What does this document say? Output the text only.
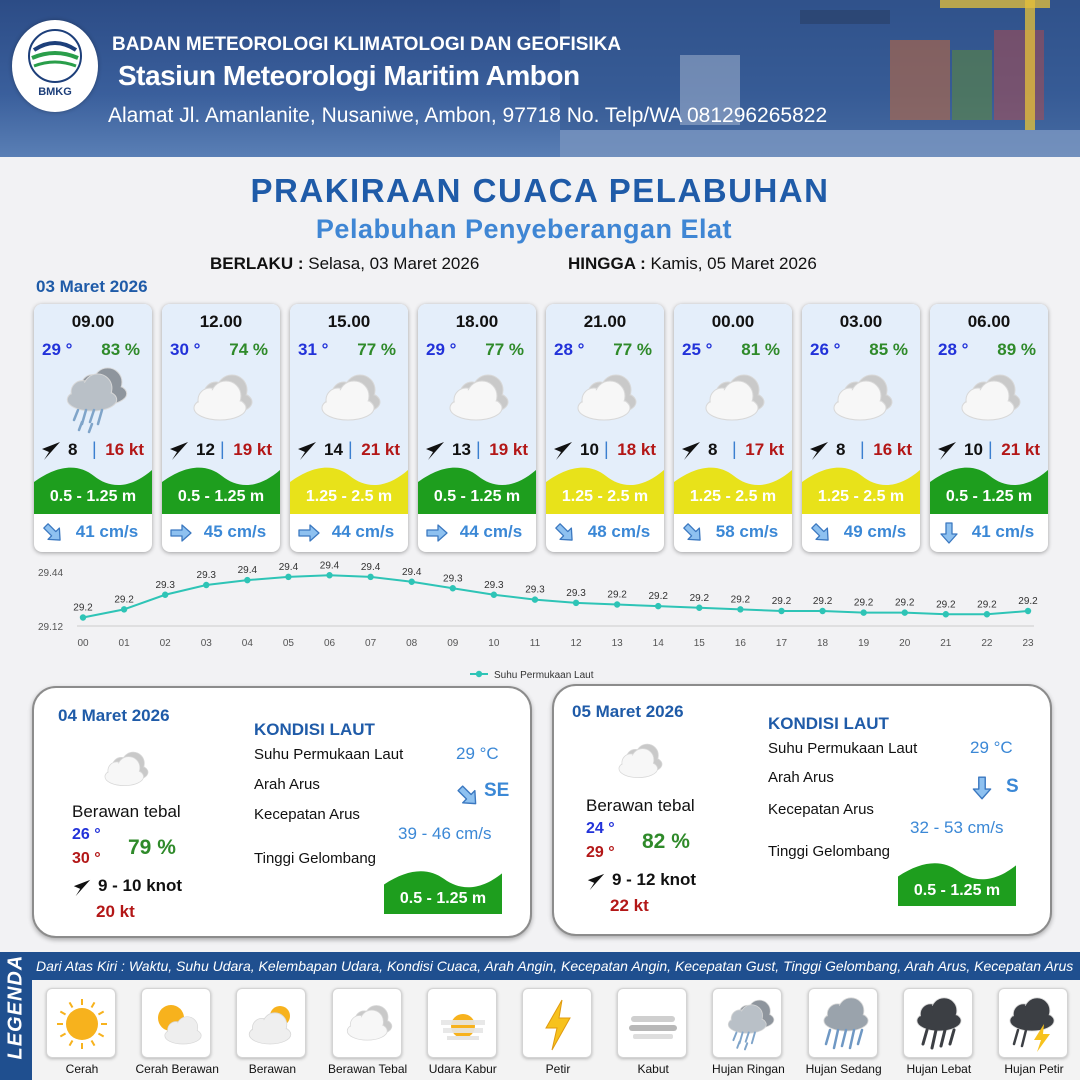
BMKG
BADAN METEOROLOGI KLIMATOLOGI DAN GEOFISIKA
Stasiun Meteorologi Maritim Ambon
Alamat Jl. Amanlanite, Nusaniwe, Ambon, 97718 No. Telp/WA 081296265822
PRAKIRAAN CUACA PELABUHAN
Pelabuhan Penyeberangan Elat
BERLAKU : Selasa, 03 Maret 2026	HINGGA : Kamis, 05 Maret 2026
03 Maret 2026
09.00
29 ° 83 %
8 | 16 kt
0.5 - 1.25 m
41 cm/s
12.00
30 ° 74 %
12 | 19 kt
0.5 - 1.25 m
45 cm/s
15.00
31 ° 77 %
14 | 21 kt
1.25 - 2.5 m
44 cm/s
18.00
29 ° 77 %
13 | 19 kt
0.5 - 1.25 m
44 cm/s
21.00
28 ° 77 %
10 | 18 kt
1.25 - 2.5 m
48 cm/s
00.00
25 ° 81 %
8 | 17 kt
1.25 - 2.5 m
58 cm/s
03.00
26 ° 85 %
8 | 16 kt
1.25 - 2.5 m
49 cm/s
06.00
28 ° 89 %
10 | 21 kt
0.5 - 1.25 m
41 cm/s
29.44
29.12
29.2
00
29.2
01
29.3
02
29.3
03
29.4
04
29.4
05
29.4
06
29.4
07
29.4
08
29.3
09
29.3
10
29.3
11
29.3
12
29.2
13
29.2
14
29.2
15
29.2
16
29.2
17
29.2
18
29.2
19
29.2
20
29.2
21
29.2
22
29.2
23
Suhu Permukaan Laut
04 Maret 2026
Berawan tebal
26 °
30 ° 79 %
9 - 10 knot
20 kt
KONDISI LAUT
Suhu Permukaan Laut	29 °C
Arah Arus	SE
Kecepatan Arus
39 - 46 cm/s
Tinggi Gelombang
0.5 - 1.25 m
05 Maret 2026
Berawan tebal
24 °
29 ° 82 %
9 - 12 knot
22 kt
KONDISI LAUT
Suhu Permukaan Laut	29 °C
Arah Arus	S
Kecepatan Arus
32 - 53 cm/s
Tinggi Gelombang
0.5 - 1.25 m
LEGENDA Dari Atas Kiri : Waktu, Suhu Udara, Kelembapan Udara, Kondisi Cuaca, Arah Angin, Kecepatan Angin, Kecepatan Gust, Tinggi Gelombang, Arah Arus, Kecepatan Arus
Cerah	Cerah Berawan	Berawan	Berawan Tebal	Udara Kabur	Petir	Kabut	Hujan Ringan	Hujan Sedang	Hujan Lebat	Hujan Petir
